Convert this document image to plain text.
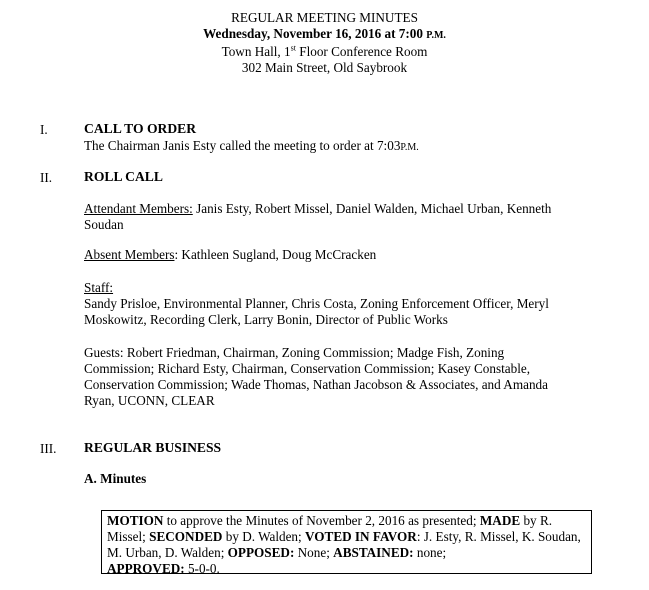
REGULAR MEETING MINUTES
Wednesday, November 16, 2016 at 7:00 P.M.
Town Hall, 1st Floor Conference Room
302 Main Street, Old Saybrook
I.	CALL TO ORDER
The Chairman Janis Esty called the meeting to order at 7:03P.M.
II. ROLL CALL
Attendant Members: Janis Esty, Robert Missel, Daniel Walden, Michael Urban, Kenneth Soudan
Absent Members: Kathleen Sugland, Doug McCracken
Staff:
Sandy Prisloe, Environmental Planner, Chris Costa, Zoning Enforcement Officer, Meryl
Moskowitz, Recording Clerk, Larry Bonin, Director of Public Works
Guests: Robert Friedman, Chairman, Zoning Commission; Madge Fish, Zoning
Commission; Richard Esty, Chairman, Conservation Commission; Kasey Constable,
Conservation Commission; Wade Thomas, Nathan Jacobson & Associates, and Amanda
Ryan, UCONN, CLEAR
III. REGULAR BUSINESS
A. Minutes
MOTION to approve the Minutes of November 2, 2016 as presented; MADE by R. Missel; SECONDED by D. Walden; VOTED IN FAVOR: J. Esty, R. Missel, K. Soudan, M. Urban, D. Walden; OPPOSED: None; ABSTAINED: none;
APPROVED: 5-0-0.
